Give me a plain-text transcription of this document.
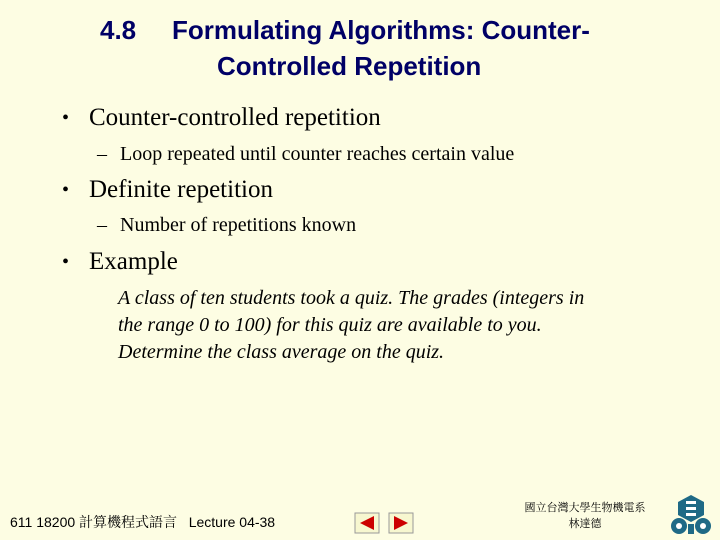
4.8 Formulating Algorithms: Counter-
Controlled Repetition
• Counter-controlled repetition
– Loop repeated until counter reaches certain value
• Definite repetition
– Number of repetitions known
• Example
A class of ten students took a quiz. The grades (integers in
the range 0 to 100) for this quiz are available to you.
Determine the class average on the quiz.
611 18200 計算機程式語言 Lecture 04-38
國立台灣大學生物機電系
林達德
